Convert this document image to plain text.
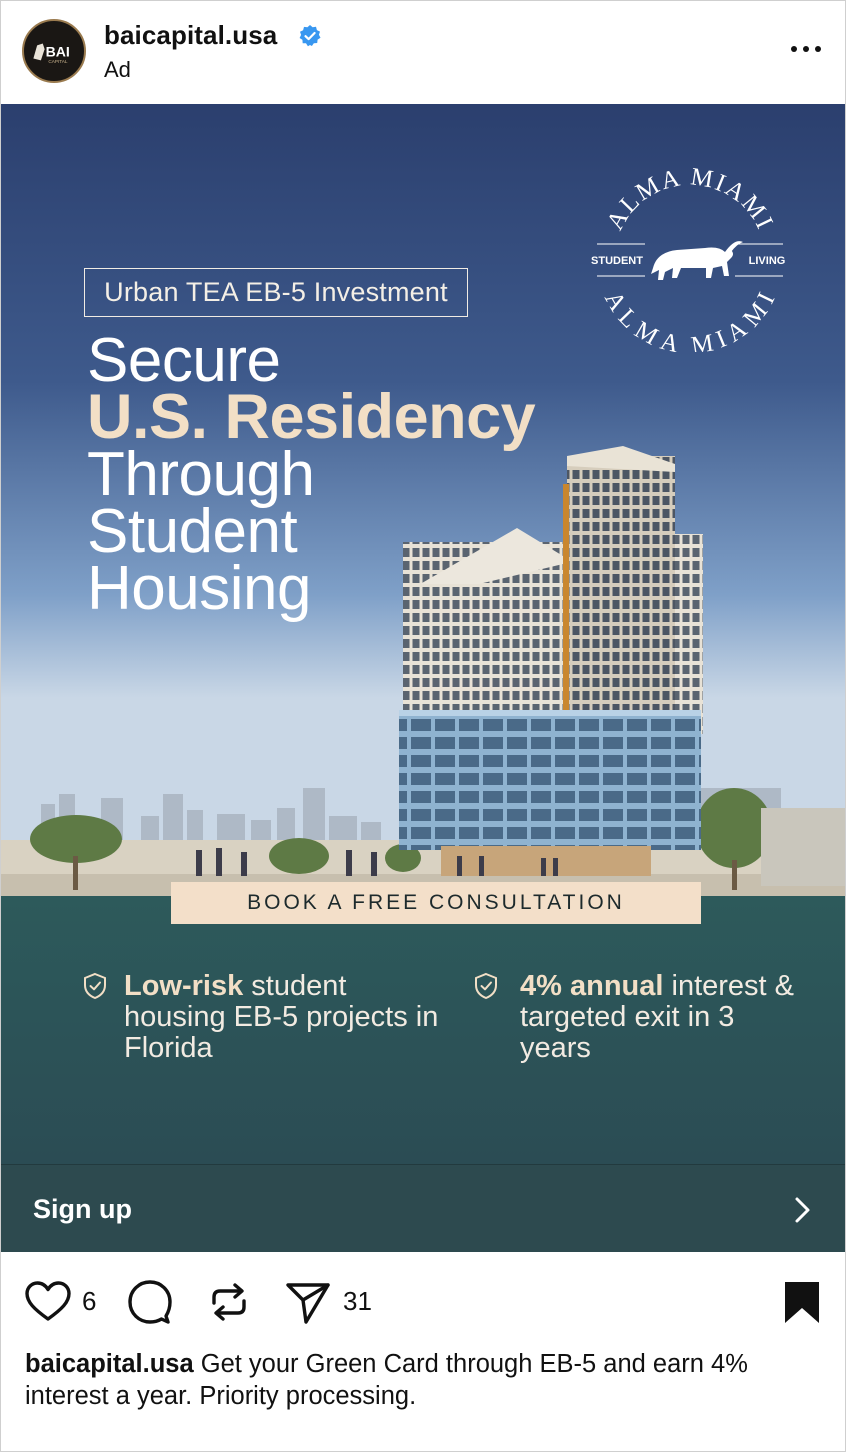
BAI
CAPITAL
baicapital.usa
Ad
Urban TEA EB-5 Investment
Secure
U.S. Residency
Through
Student
Housing
ALMA MIAMI
ALMA MIAMI
STUDENT	LIVING
BOOK A FREE CONSULTATION
Low-risk student housing EB-5 projects in Florida
4% annual interest & targeted exit in 3 years
Sign up
6	31
baicapital.usa Get your Green Card through EB-5 and earn 4% interest a year. Priority processing.
